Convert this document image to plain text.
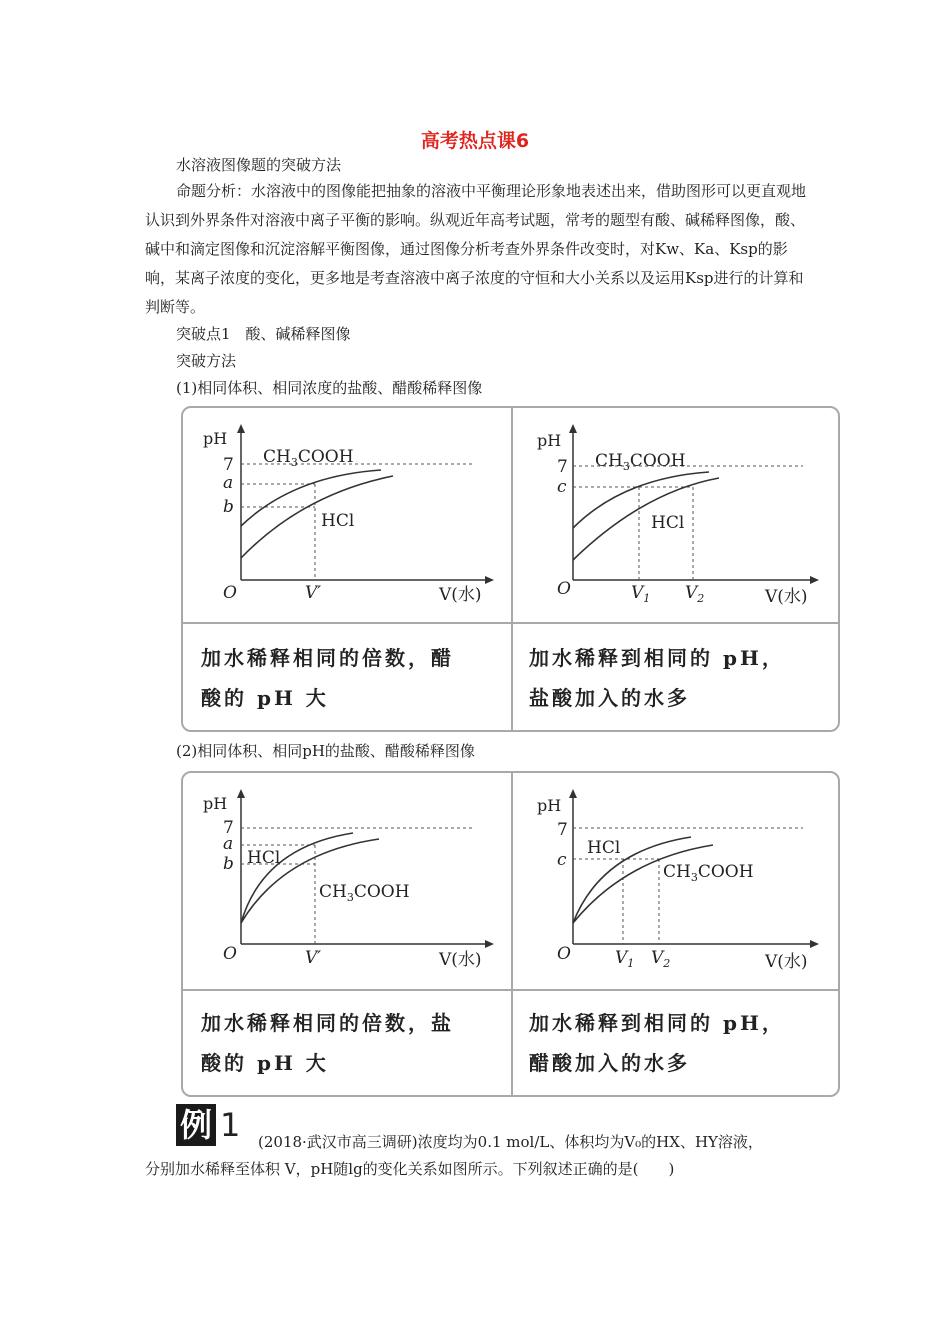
高考热点课6
水溶液图像题的突破方法
命题分析：水溶液中的图像能把抽象的溶液中平衡理论形象地表述出来，借助图形可以更直观地认识到外界条件对溶液中离子平衡的影响。纵观近年高考试题，常考的题型有酸、碱稀释图像，酸、碱中和滴定图像和沉淀溶解平衡图像，通过图像分析考查外界条件改变时，对Kw、Ka、Ksp的影响，某离子浓度的变化，更多地是考查溶液中离子浓度的守恒和大小关系以及运用Ksp进行的计算和判断等。
突破点1　酸、碱稀释图像
突破方法
(1)相同体积、相同浓度的盐酸、醋酸稀释图像
pH
7
a
b
O	V′	V(水)
$CH_3COOH$
HCl
pH
7
c
O	$V_1$ $V_2$	V(水)
$CH_3COOH$
HCl
加水稀释相同的倍数，醋
酸的 pH 大
加水稀释到相同的 pH，
盐酸加入的水多
(2)相同体积、相同pH的盐酸、醋酸稀释图像
pH
7
a
b
O	V′	V(水)
HCl
$CH_3COOH$
pH
7
c
O	$V_1$ $V_2$	V(水)
HCl
$CH_3COOH$
加水稀释相同的倍数，盐
酸的 pH 大
加水稀释到相同的 pH，
醋酸加入的水多
例 1 (2018·武汉市高三调研)浓度均为0.1 mol/L、体积均为V₀的HX、HY溶液，
分别加水稀释至体积 V，pH随lg的变化关系如图所示。下列叙述正确的是(　　)
